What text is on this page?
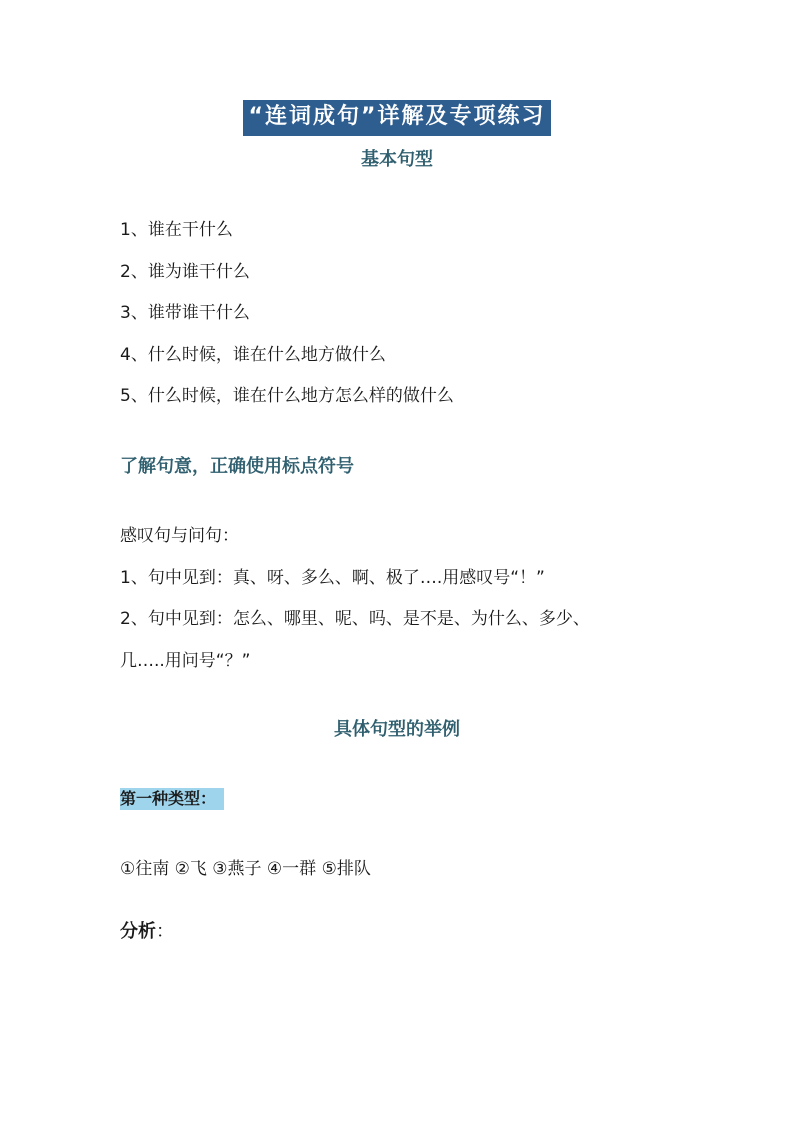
“连词成句”详解及专项练习
基本句型
1、谁在干什么
2、谁为谁干什么
3、谁带谁干什么
4、什么时候，谁在什么地方做什么
5、什么时候，谁在什么地方怎么样的做什么
了解句意，正确使用标点符号
感叹句与问句：
1、句中见到：真、呀、多么、啊、极了….用感叹号“！”
2、句中见到：怎么、哪里、呢、吗、是不是、为什么、多少、
几…..用问号“？”
具体句型的举例
第一种类型：
①往南 ②飞 ③燕子 ④一群 ⑤排队
分析：
